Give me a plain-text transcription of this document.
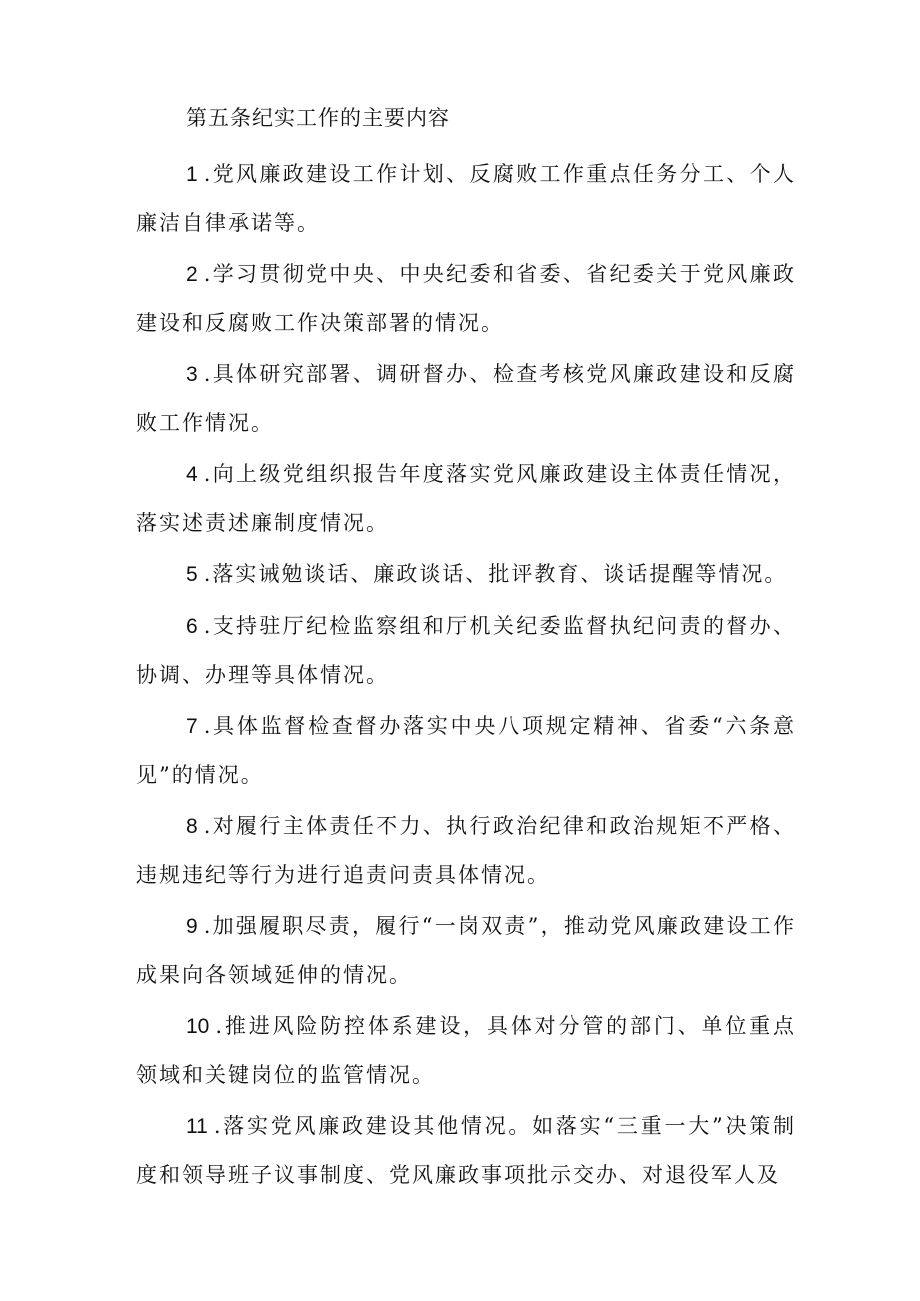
第五条纪实工作的主要内容
1 .党风廉政建设工作计划、反腐败工作重点任务分工、个人廉洁自律承诺等。
2 .学习贯彻党中央、中央纪委和省委、省纪委关于党风廉政建设和反腐败工作决策部署的情况。
3 .具体研究部署、调研督办、检查考核党风廉政建设和反腐败工作情况。
4 .向上级党组织报告年度落实党风廉政建设主体责任情况，落实述责述廉制度情况。
5 .落实诫勉谈话、廉政谈话、批评教育、谈话提醒等情况。
6 .支持驻厅纪检监察组和厅机关纪委监督执纪问责的督办、协调、办理等具体情况。
7 .具体监督检查督办落实中央八项规定精神、省委“六条意见”的情况。
8 .对履行主体责任不力、执行政治纪律和政治规矩不严格、违规违纪等行为进行追责问责具体情况。
9 .加强履职尽责，履行“一岗双责”，推动党风廉政建设工作成果向各领域延伸的情况。
10 .推进风险防控体系建设，具体对分管的部门、单位重点领域和关键岗位的监管情况。
11 .落实党风廉政建设其他情况。如落实“三重一大”决策制度和领导班子议事制度、党风廉政事项批示交办、对退役军人及
